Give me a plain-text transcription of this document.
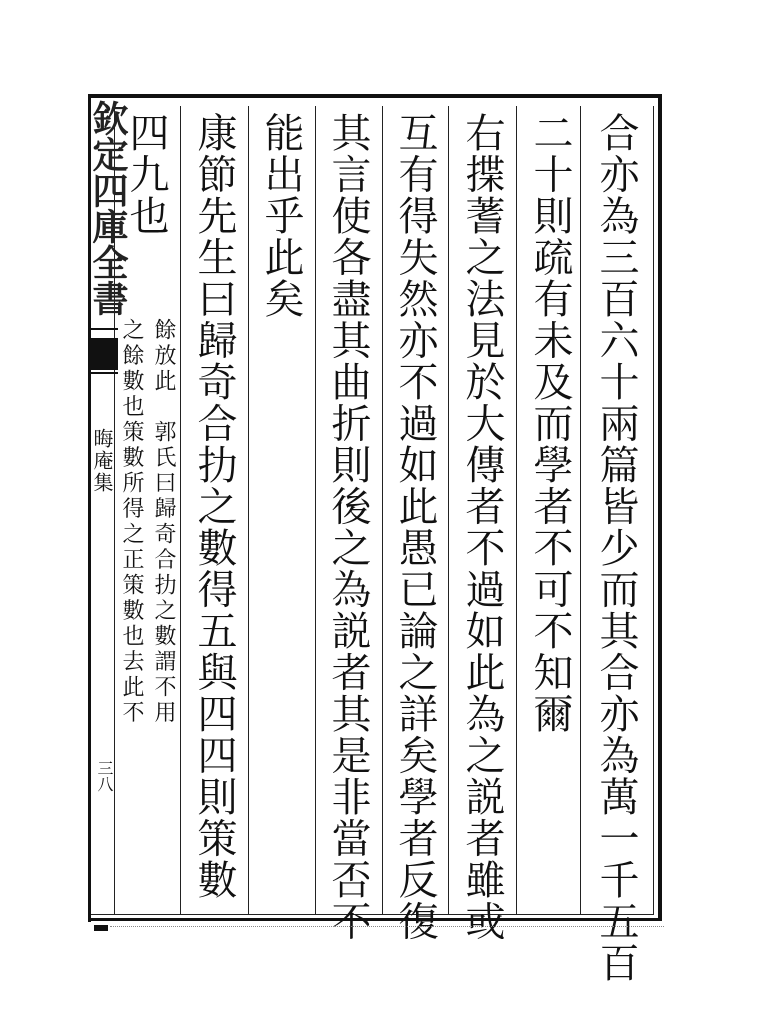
欽定四庫全書
晦庵集
三八	合亦為三百六十兩篇皆少而其合亦為萬一千五百
二十則疏有未及而學者不可不知爾
右揲蓍之法見於大傳者不過如此為之説者雖或
互有得失然亦不過如此愚已論之詳矣學者反復
其言使各盡其曲折則後之為説者其是非當否不
能出乎此矣
康節先生曰歸奇合扐之數得五與四四則策數
四九也
餘放此　郭氏曰歸奇合扐之數謂不用
之餘數也策數所得之正策數也去此不
